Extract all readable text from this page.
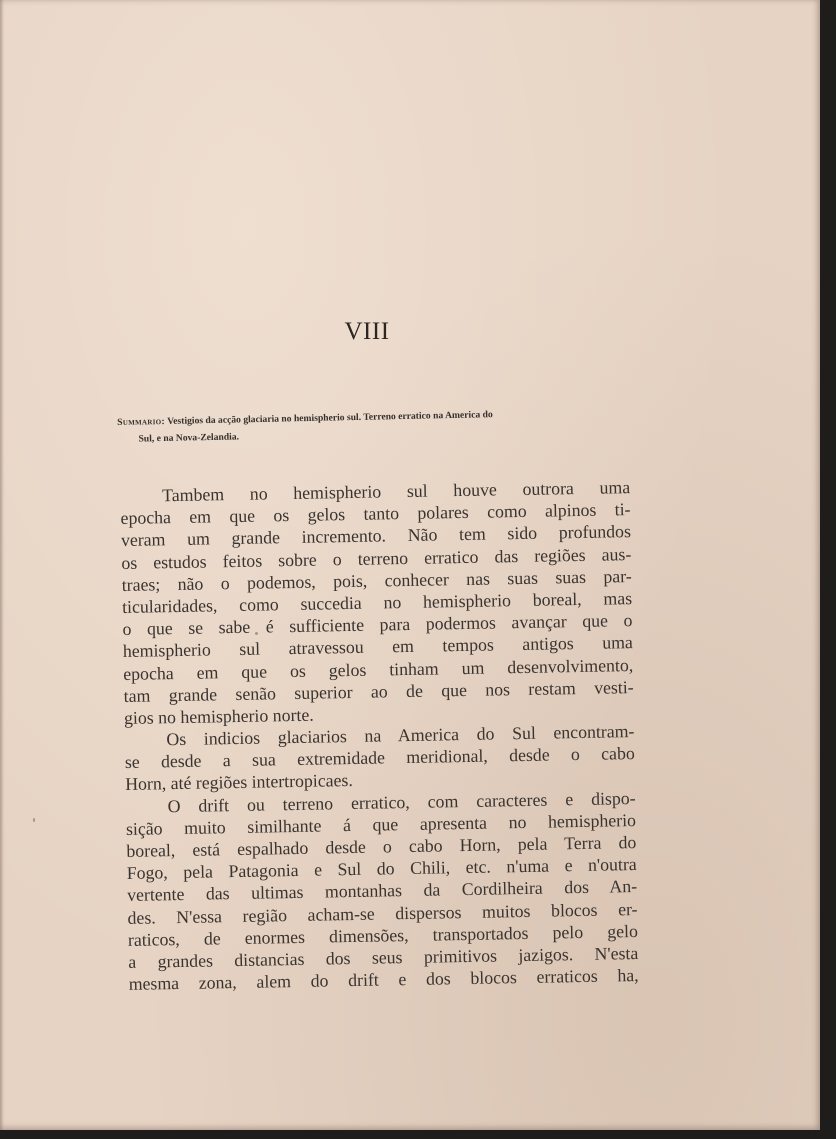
VIII
Summario: Vestigios da acção glaciaria no hemispherio sul. Terreno erratico na America do
Sul, e na Nova-Zelandia.
Tambem no hemispherio sul houve outrora uma
epocha em que os gelos tanto polares como alpinos ti-
veram um grande incremento. Não tem sido profundos
os estudos feitos sobre o terreno erratico das regiões aus-
traes; não o podemos, pois, conhecer nas suas suas par-
ticularidades, como succedia no hemispherio boreal, mas
o que se sabe é sufficiente para podermos avançar que o
hemispherio sul atravessou em tempos antigos uma
epocha em que os gelos tinham um desenvolvimento,
tam grande senão superior ao de que nos restam vesti-
gios no hemispherio norte.
Os indicios glaciarios na America do Sul encontram-
se desde a sua extremidade meridional, desde o cabo
Horn, até regiões intertropicaes.
O drift ou terreno erratico, com caracteres e dispo-
sição muito similhante á que apresenta no hemispherio
boreal, está espalhado desde o cabo Horn, pela Terra do
Fogo, pela Patagonia e Sul do Chili, etc. n'uma e n'outra
vertente das ultimas montanhas da Cordilheira dos An-
des. N'essa região acham-se dispersos muitos blocos er-
raticos, de enormes dimensões, transportados pelo gelo
a grandes distancias dos seus primitivos jazigos. N'esta
mesma zona, alem do drift e dos blocos erraticos ha,
